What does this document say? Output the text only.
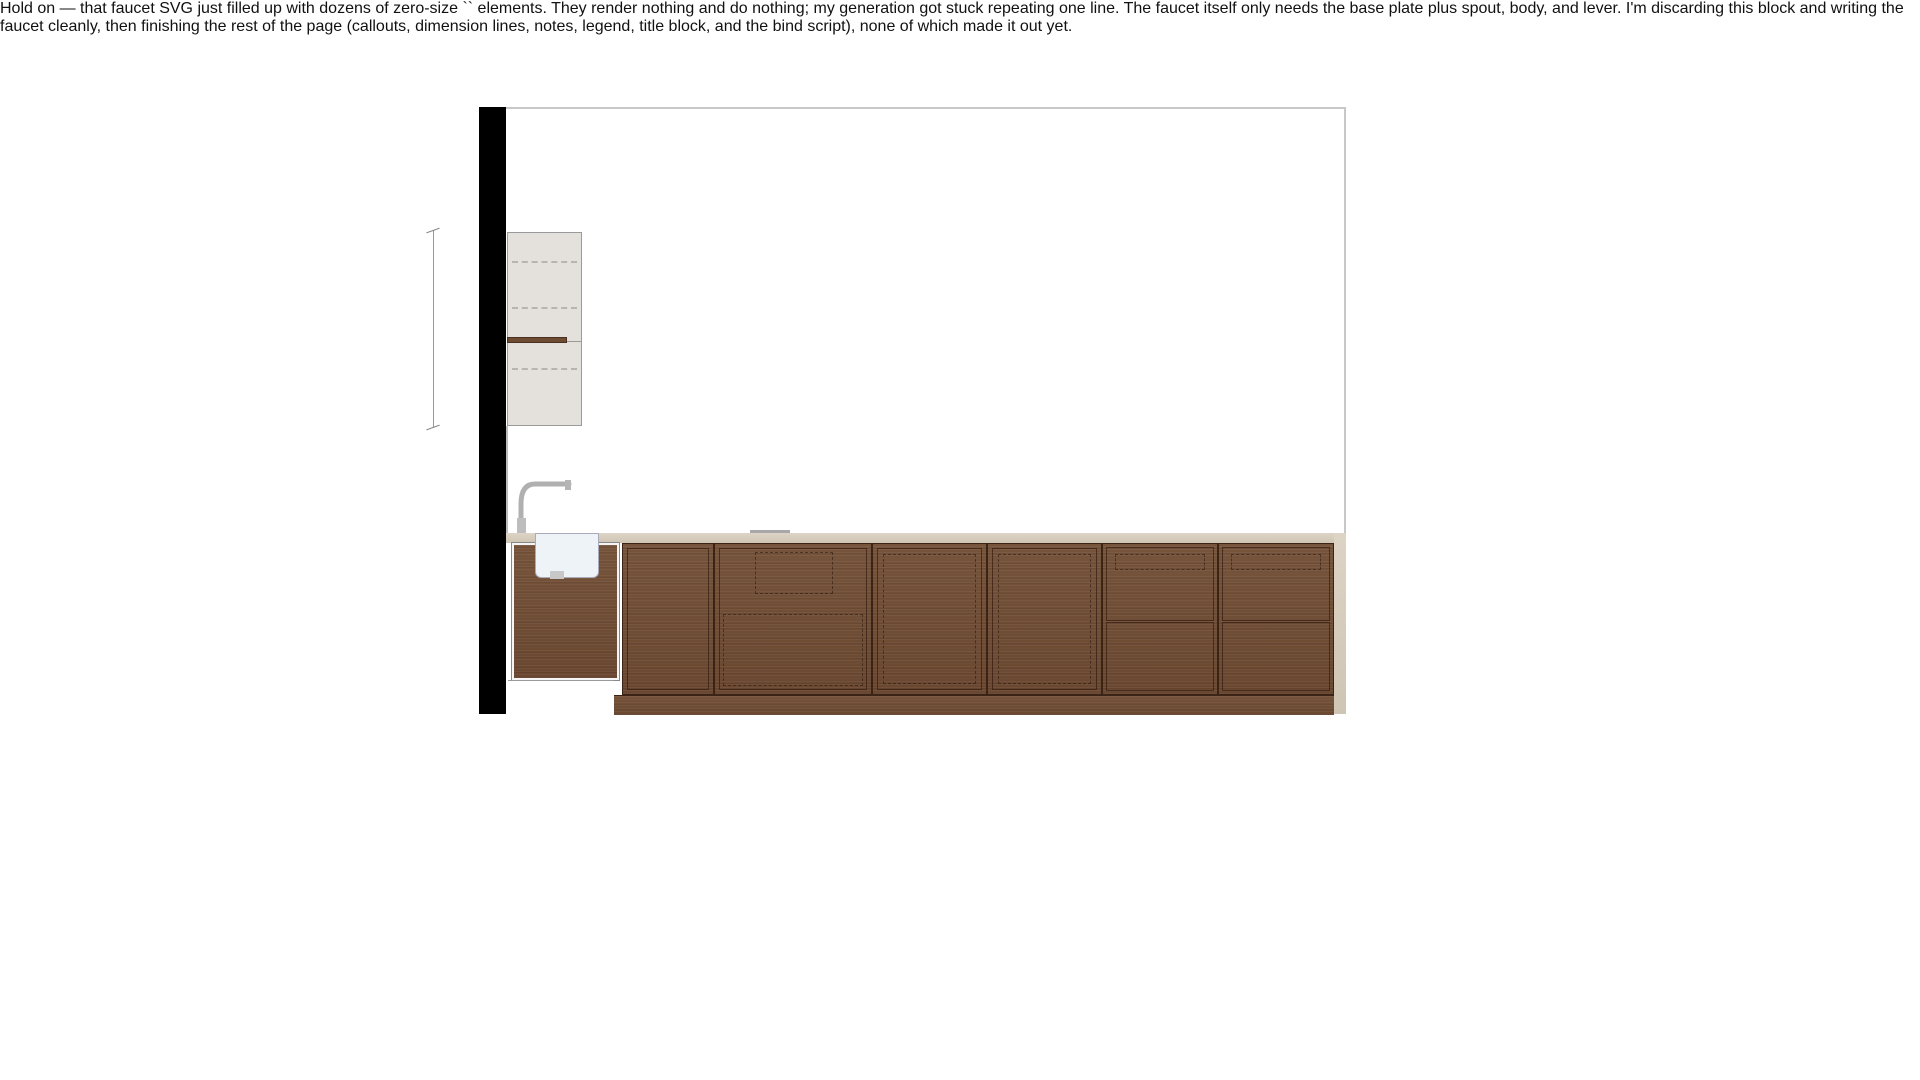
Hold on — that faucet SVG just filled up with dozens of zero-size `` elements. They render nothing and do nothing; my generation got stuck repeating one line. The faucet itself only needs the base plate plus spout, body, and lever. I'm discarding this block and writing the faucet cleanly, then finishing the rest of the page (callouts, dimension lines, notes, legend, title block, and the bind script), none of which made it out yet.
